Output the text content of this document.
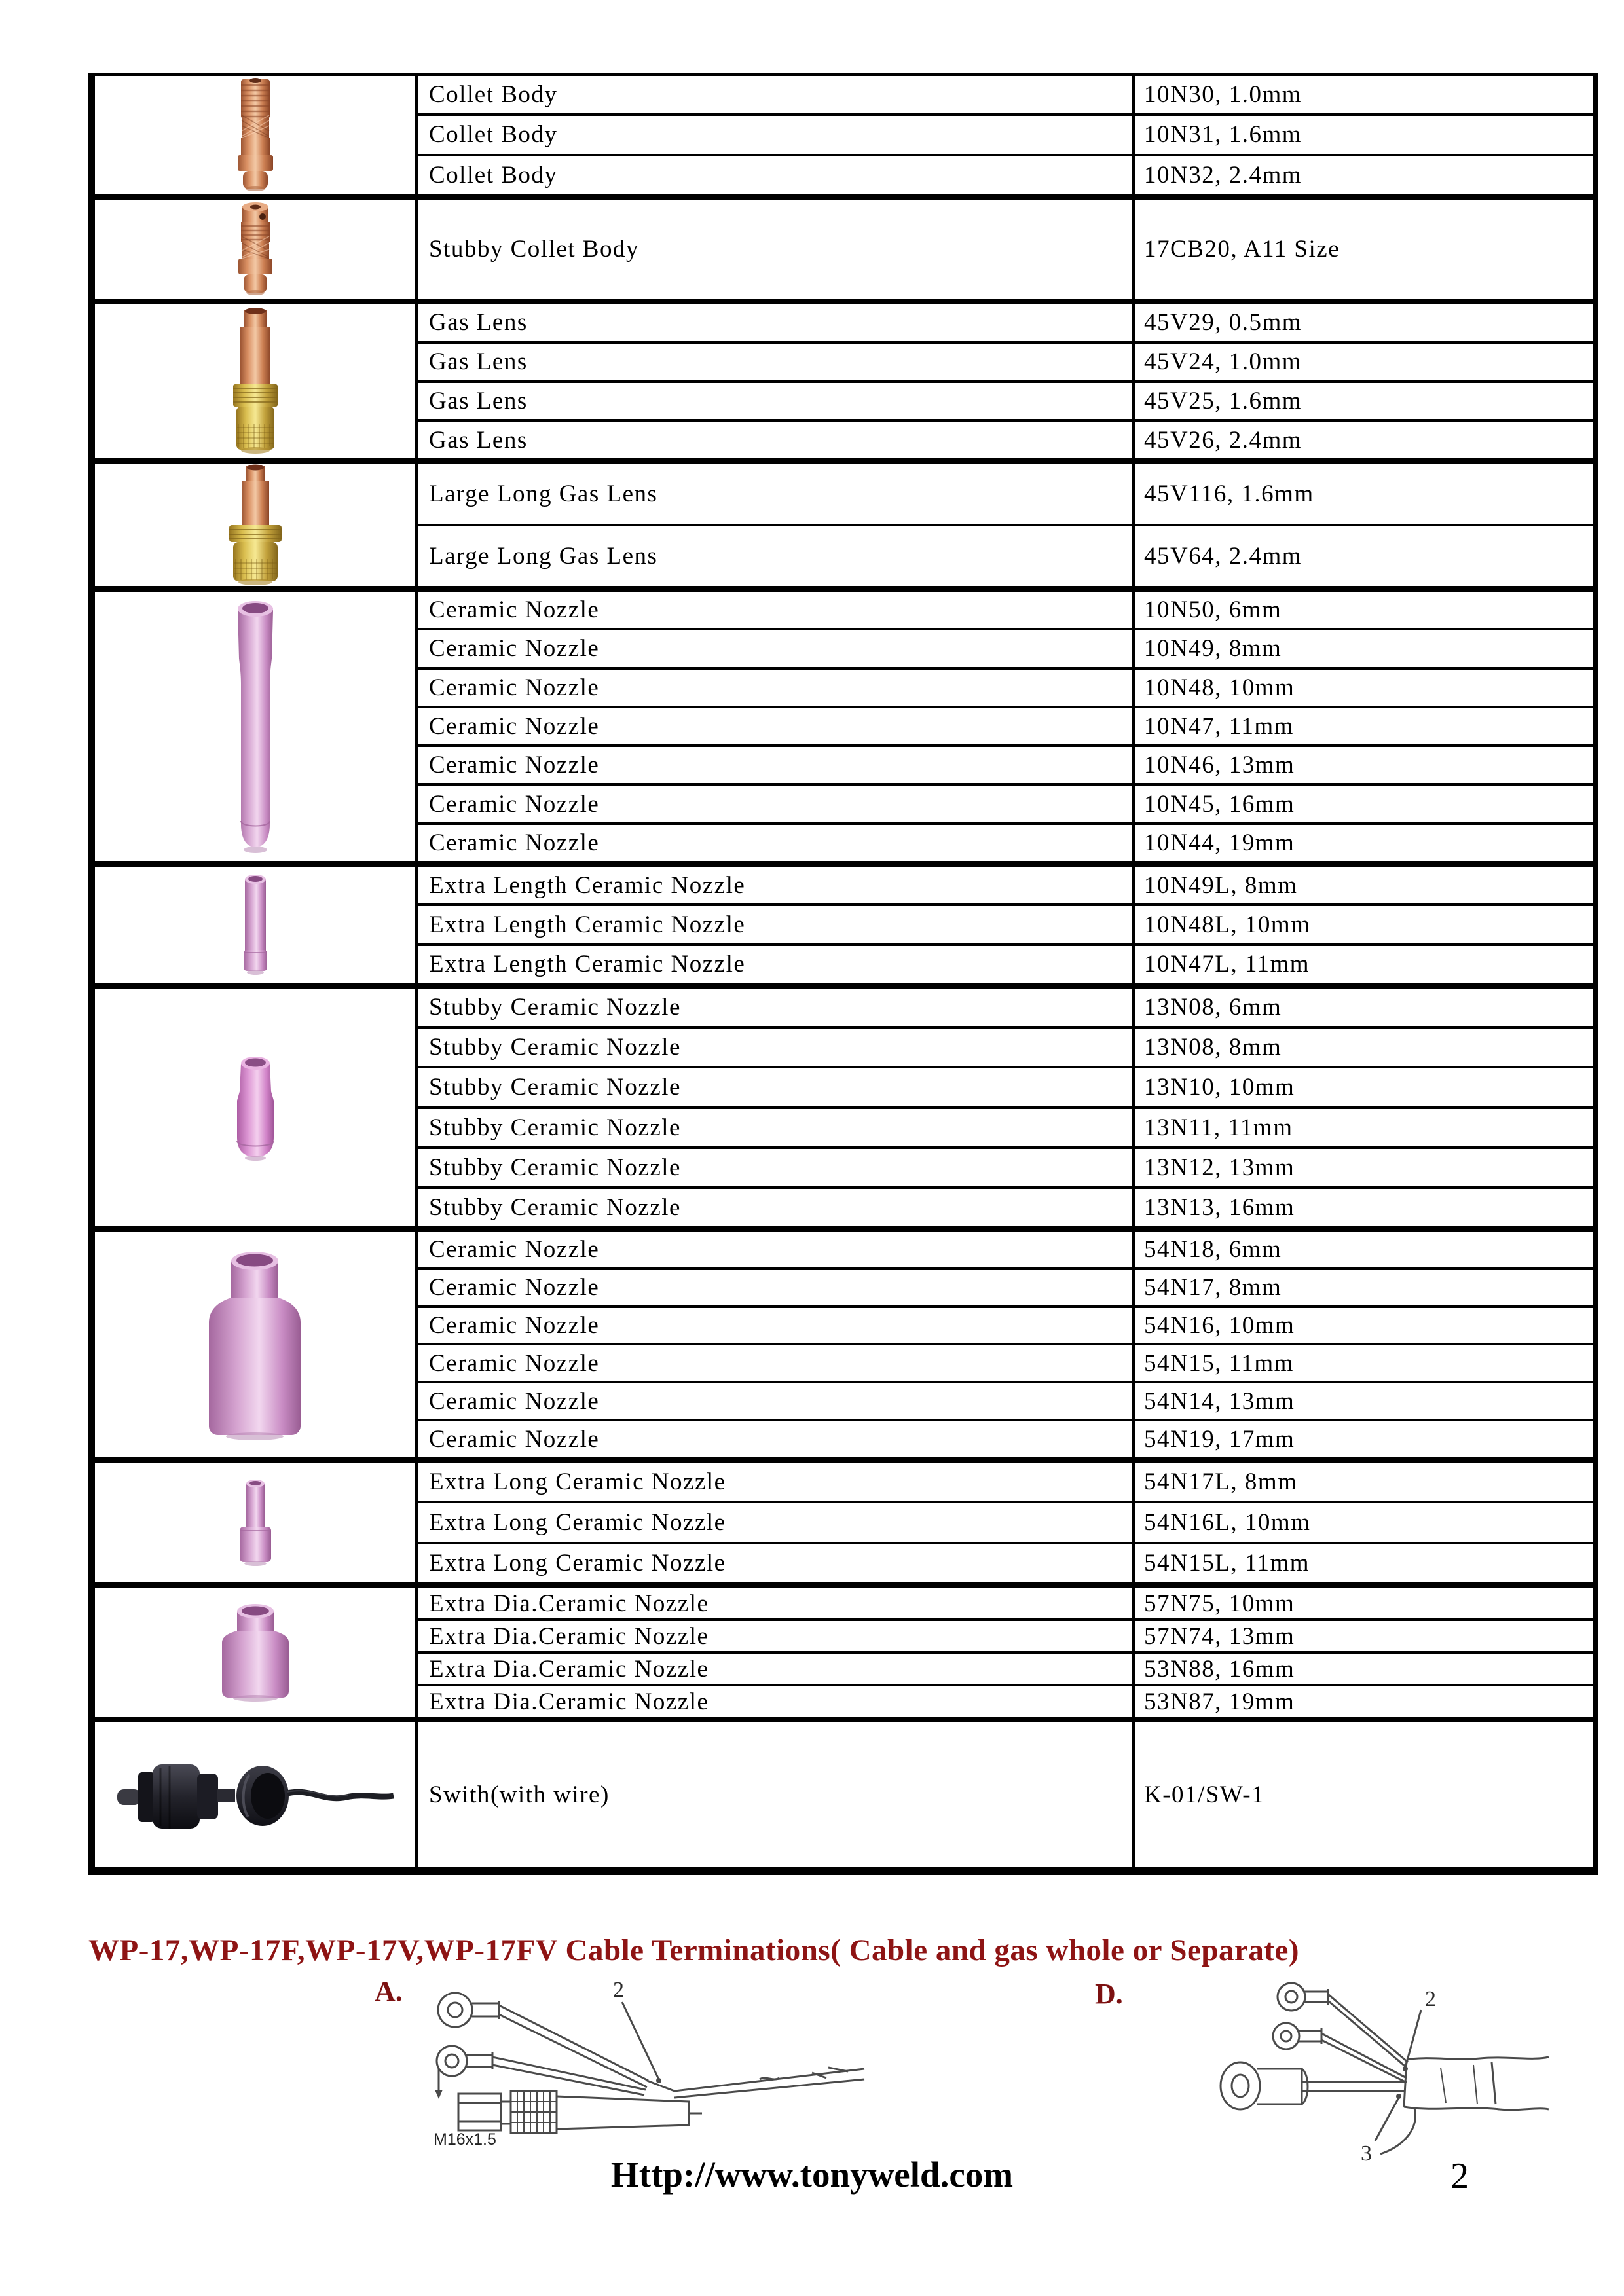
Collet Body	10N30, 1.0mm
Collet Body	10N31, 1.6mm
Collet Body	10N32, 2.4mm
Stubby Collet Body	17CB20, A11 Size
Gas Lens	45V29, 0.5mm
Gas Lens	45V24, 1.0mm
Gas Lens	45V25, 1.6mm
Gas Lens	45V26, 2.4mm
Large Long Gas Lens	45V116, 1.6mm
Large Long Gas Lens	45V64, 2.4mm
Ceramic Nozzle	10N50, 6mm
Ceramic Nozzle	10N49, 8mm
Ceramic Nozzle	10N48, 10mm
Ceramic Nozzle	10N47, 11mm
Ceramic Nozzle	10N46, 13mm
Ceramic Nozzle	10N45, 16mm
Ceramic Nozzle	10N44, 19mm
Extra Length Ceramic Nozzle	10N49L, 8mm
Extra Length Ceramic Nozzle	10N48L, 10mm
Extra Length Ceramic Nozzle	10N47L, 11mm
Stubby Ceramic Nozzle	13N08, 6mm
Stubby Ceramic Nozzle	13N08, 8mm
Stubby Ceramic Nozzle	13N10, 10mm
Stubby Ceramic Nozzle	13N11, 11mm
Stubby Ceramic Nozzle	13N12, 13mm
Stubby Ceramic Nozzle	13N13, 16mm
Ceramic Nozzle	54N18, 6mm
Ceramic Nozzle	54N17, 8mm
Ceramic Nozzle	54N16, 10mm
Ceramic Nozzle	54N15, 11mm
Ceramic Nozzle	54N14, 13mm
Ceramic Nozzle	54N19, 17mm
Extra Long Ceramic Nozzle	54N17L, 8mm
Extra Long Ceramic Nozzle	54N16L, 10mm
Extra Long Ceramic Nozzle	54N15L, 11mm
Extra Dia.Ceramic Nozzle	57N75, 10mm
Extra Dia.Ceramic Nozzle	57N74, 13mm
Extra Dia.Ceramic Nozzle	53N88, 16mm
Extra Dia.Ceramic Nozzle	53N87, 19mm
Swith(with wire)	K-01/SW-1
WP-17,WP-17F,WP-17V,WP-17FV Cable Terminations( Cable and gas whole or Separate)
A.	D.
2
M16x1.5
2
3
Http://www.tonyweld.com	2
